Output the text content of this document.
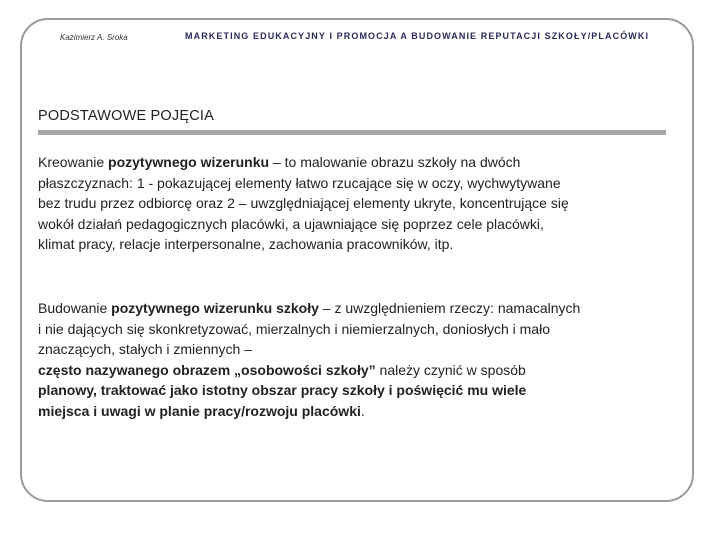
Kazimierz A. Sroka	MARKETING EDUKACYJNY I PROMOCJA A BUDOWANIE REPUTACJI SZKOŁY/PLACÓWKI
PODSTAWOWE POJĘCIA
Kreowanie pozytywnego wizerunku – to malowanie obrazu szkoły na dwóch
płaszczyznach: 1 - pokazującej elementy łatwo rzucające się w oczy, wychwytywane
bez trudu przez odbiorcę oraz 2 – uwzględniającej elementy ukryte, koncentrujące się
wokół działań pedagogicznych placówki, a ujawniające się poprzez cele placówki,
klimat pracy, relacje interpersonalne, zachowania pracowników, itp.
Budowanie pozytywnego wizerunku szkoły – z uwzględnieniem rzeczy: namacalnych
i nie dających się skonkretyzować, mierzalnych i niemierzalnych, doniosłych i mało
znaczących, stałych i zmiennych –
często nazywanego obrazem „osobowości szkoły” należy czynić w sposób
planowy, traktować jako istotny obszar pracy szkoły i poświęcić mu wiele
miejsca i uwagi w planie pracy/rozwoju placówki.
